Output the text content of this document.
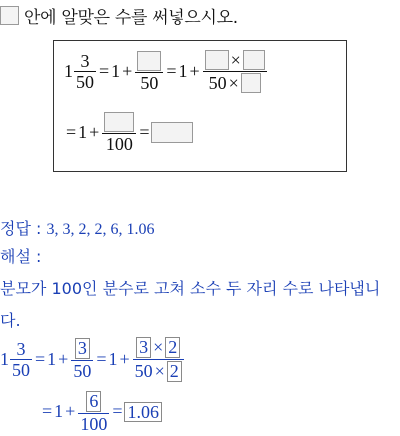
안에 알맞은 수를 써넣으시오.
$1 \frac{3}{50} = 1$ +
50
= $1 + \frac{\times}{50 \times}$
= 1 +
100
=
정답 : 3, 3, 2, 2, 6, 1.06
해설 :
분모가 100인 분수로 고쳐 소수 두 자리 수로 나타냅니
다.
$1 \frac{3}{50} = 1 + \frac{3}{50} = 1 + \frac{3 \times 2}{50 \times 2}$
= $1 + \frac{6}{100} = 1.06$
